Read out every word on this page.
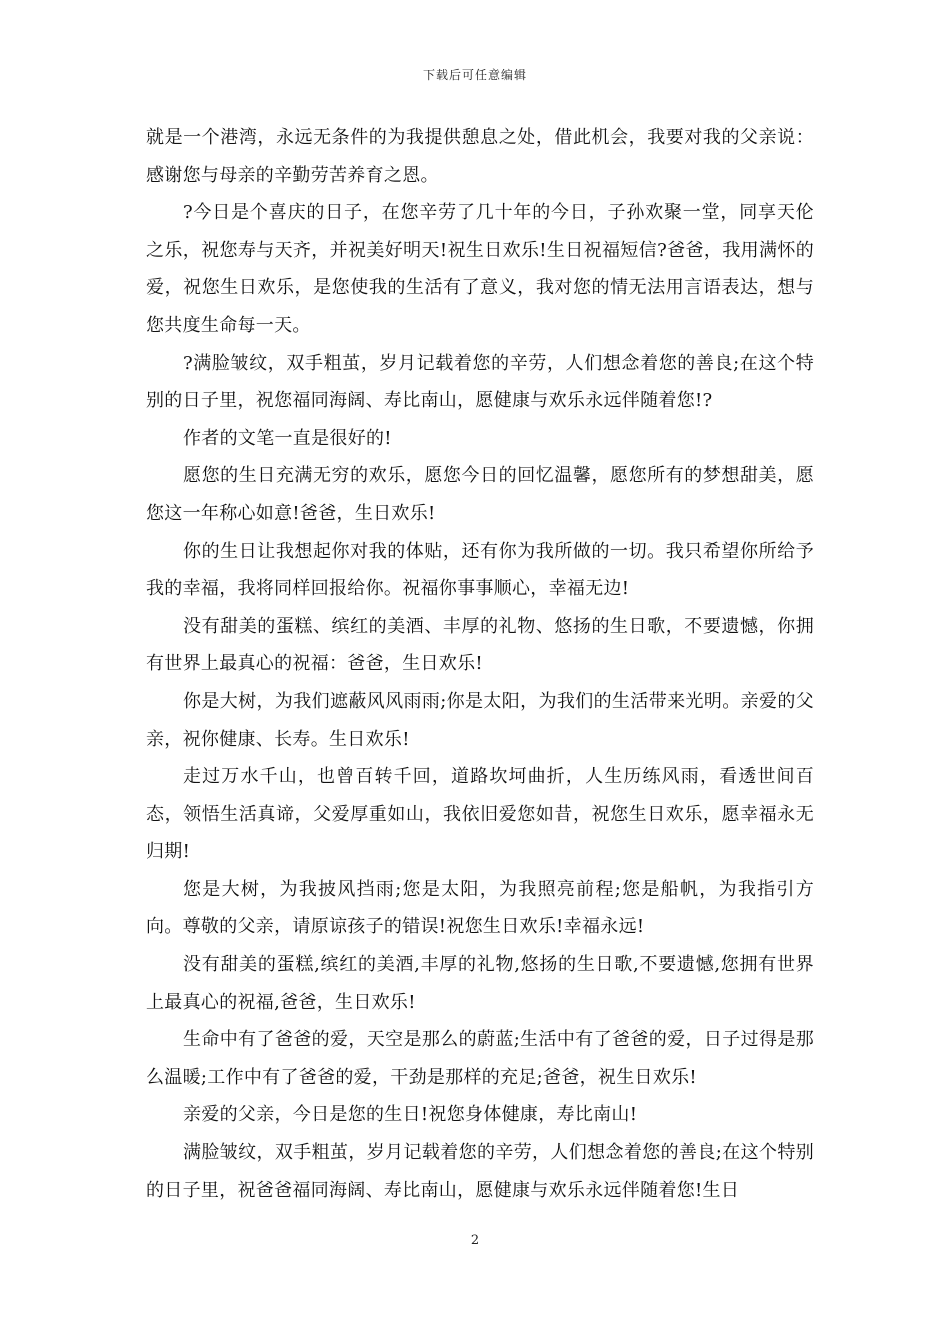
下载后可任意编辑

就是一个港湾，永远无条件的为我提供憩息之处，借此机会，我要对我的父亲说：感谢您与母亲的辛勤劳苦养育之恩。

?今日是个喜庆的日子，在您辛劳了几十年的今日，子孙欢聚一堂，同享天伦之乐，祝您寿与天齐，并祝美好明天!祝生日欢乐!生日祝福短信?爸爸，我用满怀的爱，祝您生日欢乐，是您使我的生活有了意义，我对您的情无法用言语表达，想与您共度生命每一天。

?满脸皱纹，双手粗茧，岁月记载着您的辛劳，人们想念着您的善良;在这个特别的日子里，祝您福同海阔、寿比南山，愿健康与欢乐永远伴随着您!?

作者的文笔一直是很好的!

愿您的生日充满无穷的欢乐，愿您今日的回忆温馨，愿您所有的梦想甜美，愿您这一年称心如意!爸爸，生日欢乐!

你的生日让我想起你对我的体贴，还有你为我所做的一切。我只希望你所给予我的幸福，我将同样回报给你。祝福你事事顺心，幸福无边!

没有甜美的蛋糕、缤红的美酒、丰厚的礼物、悠扬的生日歌，不要遗憾，你拥有世界上最真心的祝福：爸爸，生日欢乐!

你是大树，为我们遮蔽风风雨雨;你是太阳，为我们的生活带来光明。亲爱的父亲，祝你健康、长寿。生日欢乐!

走过万水千山，也曾百转千回，道路坎坷曲折，人生历练风雨，看透世间百态，领悟生活真谛，父爱厚重如山，我依旧爱您如昔，祝您生日欢乐，愿幸福永无归期!

您是大树，为我披风挡雨;您是太阳，为我照亮前程;您是船帆，为我指引方向。尊敬的父亲，请原谅孩子的错误!祝您生日欢乐!幸福永远!

没有甜美的蛋糕,缤红的美酒,丰厚的礼物,悠扬的生日歌,不要遗憾,您拥有世界上最真心的祝福,爸爸，生日欢乐!

生命中有了爸爸的爱，天空是那么的蔚蓝;生活中有了爸爸的爱，日子过得是那么温暖;工作中有了爸爸的爱，干劲是那样的充足;爸爸，祝生日欢乐!

亲爱的父亲，今日是您的生日!祝您身体健康，寿比南山!

满脸皱纹，双手粗茧，岁月记载着您的辛劳，人们想念着您的善良;在这个特别的日子里，祝爸爸福同海阔、寿比南山，愿健康与欢乐永远伴随着您!生日

2
